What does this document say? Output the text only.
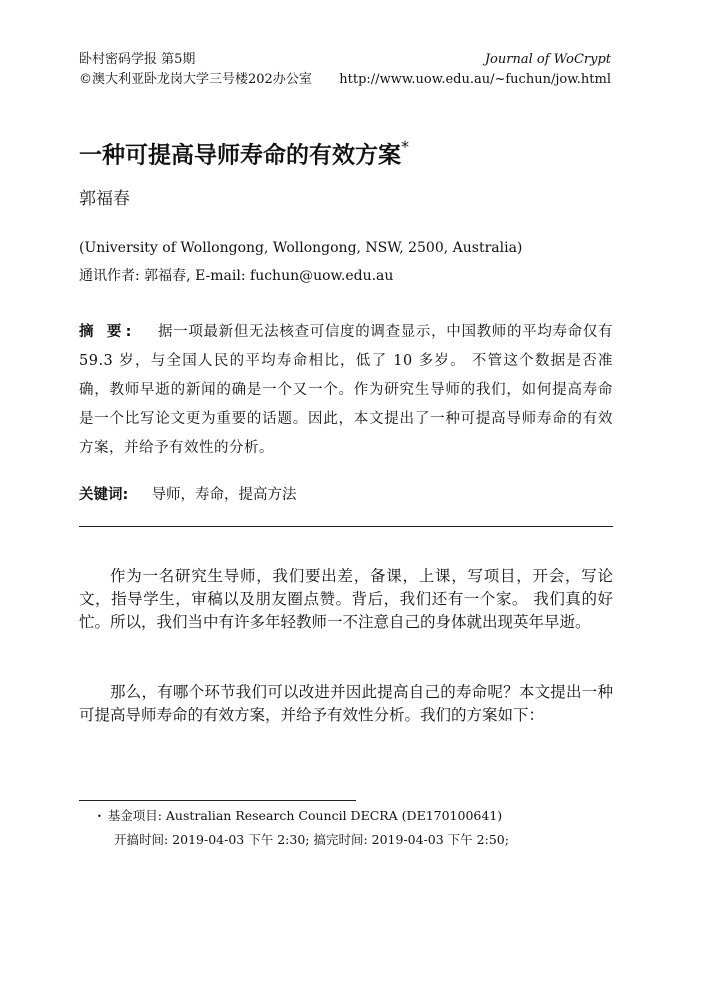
卧村密码学报 第5期
©澳大利亚卧龙岗大学三号楼202办公室
Journal of WoCrypt
http://www.uow.edu.au/~fuchun/jow.html
一种可提高导师寿命的有效方案*
郭福春
(University of Wollongong, Wollongong, NSW, 2500, Australia)
通讯作者: 郭福春, E-mail: fuchun@uow.edu.au
摘 要: 据一项最新但无法核查可信度的调查显示，中国教师的平均寿命仅有 59.3 岁，与全国人民的平均寿命相比，低了 10 多岁。 不管这个数据是否准确，教师早逝的新闻的确是一个又一个。作为研究生导师的我们，如何提高寿命是一个比写论文更为重要的话题。因此，本文提出了一种可提高导师寿命的有效方案，并给予有效性的分析。
关键词: 导师，寿命，提高方法

作为一名研究生导师，我们要出差，备课，上课，写项目，开会，写论文，指导学生，审稿以及朋友圈点赞。背后，我们还有一个家。 我们真的好忙。所以，我们当中有许多年轻教师一不注意自己的身体就出现英年早逝。

那么，有哪个环节我们可以改进并因此提高自己的寿命呢？本文提出一种可提高导师寿命的有效方案，并给予有效性分析。我们的方案如下：

• 基金项目: Australian Research Council DECRA (DE170100641)
开搞时间: 2019-04-03 下午 2:30; 搞完时间: 2019-04-03 下午 2:50;
